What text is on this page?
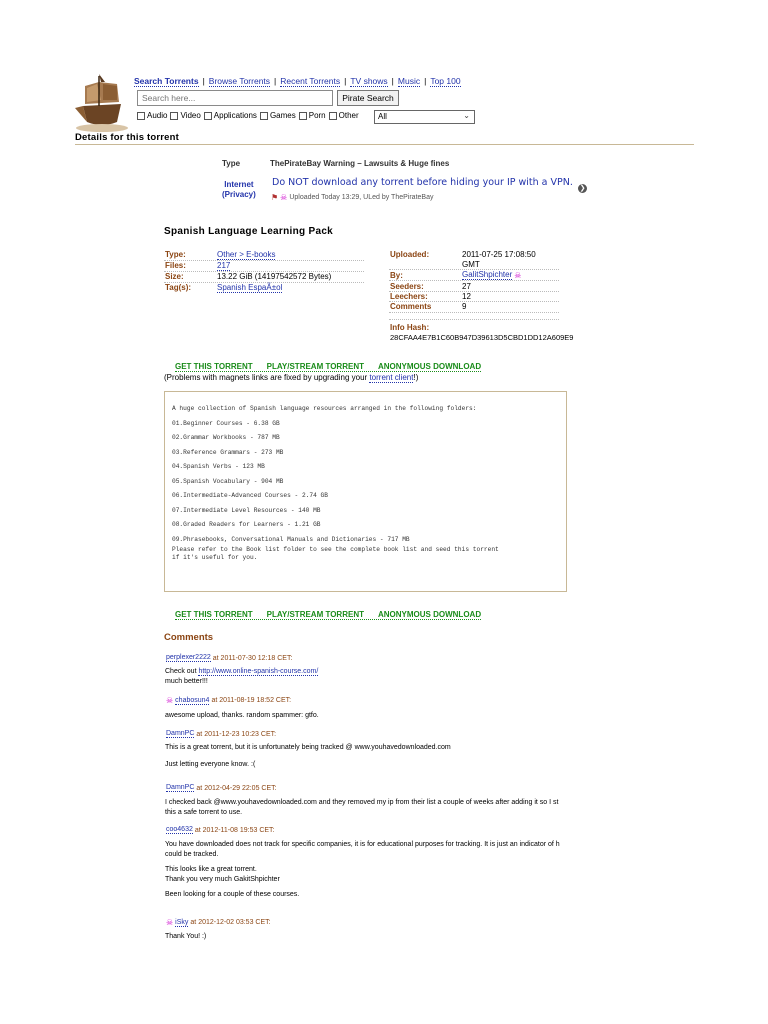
Search Torrents | Browse Torrents | Recent Torrents | TV shows | Music | Top 100
Search here...
Pirate Search
Audio Video Applications Games Porn Other	All	⌄
Details for this torrent
Type	ThePirateBay Warning – Lawsuits & Huge fines
Internet
(Privacy)
Do NOT download any torrent before hiding your IP with a VPN.
⚑ ☠ Uploaded Today 13:29, ULed by ThePirateBay
❯
Spanish Language Learning Pack
Type:	Other > E-books
Files:	217
Size:	13.22 GiB (14197542572 Bytes)
Tag(s):	Spanish EspaÃ±ol
Uploaded:	2011-07-25 17:08:50
GMT
By:	GalitShpichter ☠
Seeders:	27
Leechers:	12
Comments	9
Info Hash:
28CFAA4E7B1C60B947D39613D5CBD1DD12A609E9
GET THIS TORRENT PLAY/STREAM TORRENT ANONYMOUS DOWNLOAD
(Problems with magnets links are fixed by upgrading your torrent client!)
A huge collection of Spanish language resources arranged in the following folders:
01.Beginner Courses - 6.38 GB
02.Grammar Workbooks - 787 MB
03.Reference Grammars - 273 MB
04.Spanish Verbs - 123 MB
05.Spanish Vocabulary - 904 MB
06.Intermediate-Advanced Courses - 2.74 GB
07.Intermediate Level Resources - 140 MB
08.Graded Readers for Learners - 1.21 GB
09.Phrasebooks, Conversational Manuals and Dictionaries - 717 MB
Please refer to the Book list folder to see the complete book list and seed this torrent
if it's useful for you.
GET THIS TORRENT PLAY/STREAM TORRENT ANONYMOUS DOWNLOAD
Comments
perplexer2222 at 2011-07-30 12:18 CET:
Check out http://www.online-spanish-course.com/
much better!!!
☠ chabosun4 at 2011-08-19 18:52 CET:
awesome upload, thanks. random spammer: gtfo.
DamnPC at 2011-12-23 10:23 CET:
This is a great torrent, but it is unfortunately being tracked @ www.youhavedownloaded.com
Just letting everyone know. :(
DamnPC at 2012-04-29 22:05 CET:
I checked back @www.youhavedownloaded.com and they removed my ip from their list a couple of weeks after adding it so I st
this a safe torrent to use.
coo4632 at 2012-11-08 19:53 CET:
You have downloaded does not track for specific companies, it is for educational purposes for tracking. It is just an indicator of h
could be tracked.
This looks like a great torrent.
Thank you very much GakitShpichter
Been looking for a couple of these courses.
☠ iSky at 2012-12-02 03:53 CET:
Thank You! :)
